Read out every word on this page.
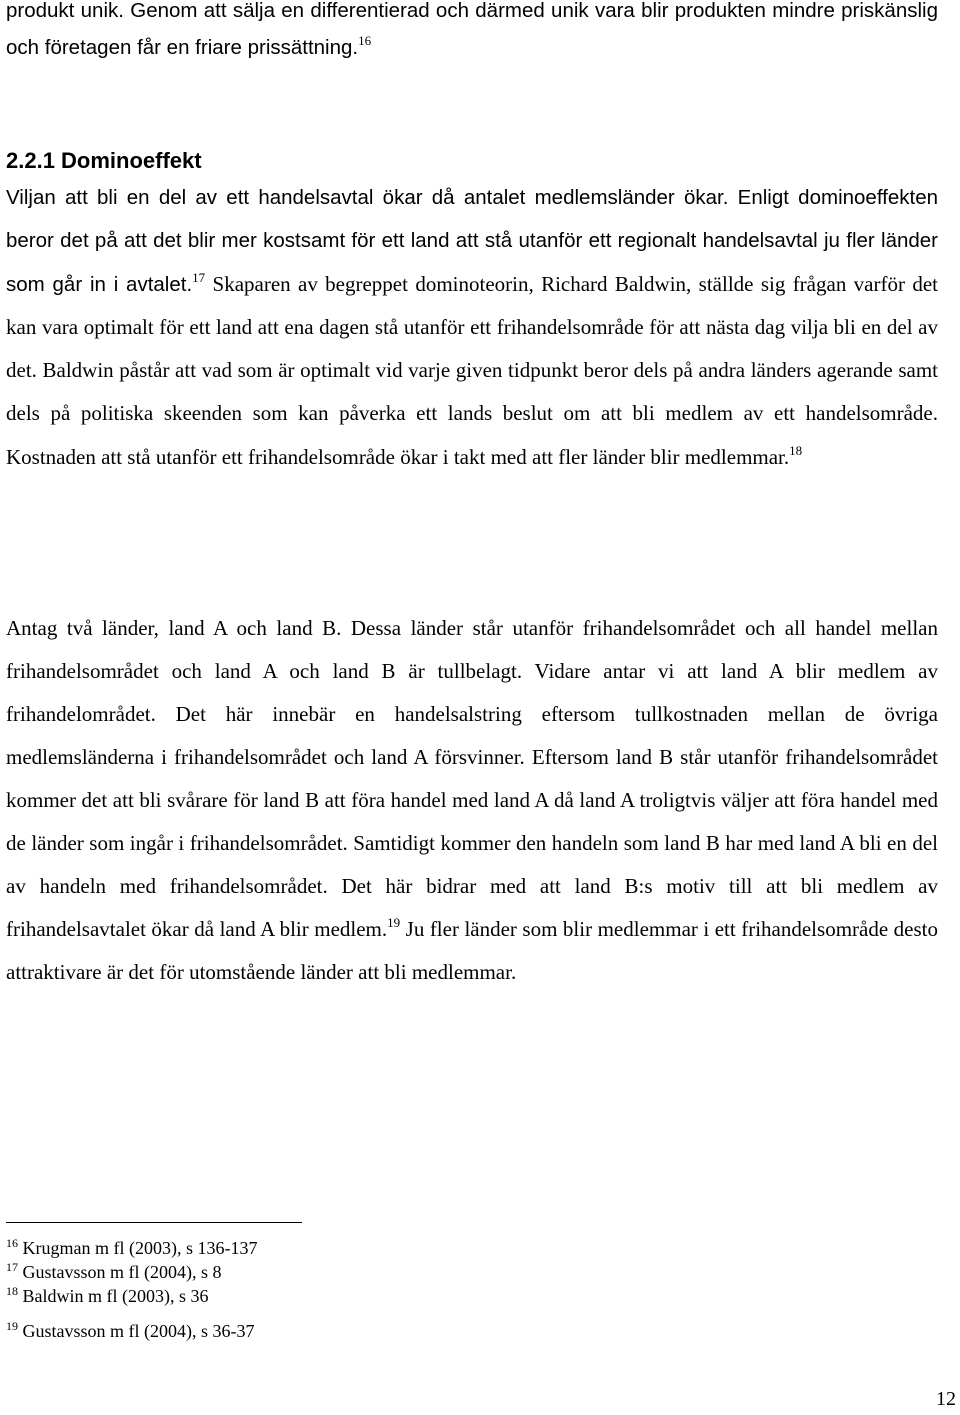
produkt unik. Genom att sälja en differentierad och därmed unik vara blir produkten mindre priskänslig och företagen får en friare prissättning.$^{16}$

2.2.1 Dominoeffekt

Viljan att bli en del av ett handelsavtal ökar då antalet medlemsländer ökar. Enligt dominoeffekten beror det på att det blir mer kostsamt för ett land att stå utanför ett regionalt handelsavtal ju fler länder som går in i avtalet.$^{17}$ Skaparen av begreppet dominoteorin, Richard Baldwin, ställde sig frågan varför det kan vara optimalt för ett land att ena dagen stå utanför ett frihandelsområde för att nästa dag vilja bli en del av det. Baldwin påstår att vad som är optimalt vid varje given tidpunkt beror dels på andra länders agerande samt dels på politiska skeenden som kan påverka ett lands beslut om att bli medlem av ett handelsområde. Kostnaden att stå utanför ett frihandelsområde ökar i takt med att fler länder blir medlemmar.$^{18}$

Antag två länder, land A och land B. Dessa länder står utanför frihandelsområdet och all handel mellan frihandelsområdet och land A och land B är tullbelagt. Vidare antar vi att land A blir medlem av frihandelområdet. Det här innebär en handelsalstring eftersom tullkostnaden mellan de övriga medlemsländerna i frihandelsområdet och land A försvinner. Eftersom land B står utanför frihandelsområdet kommer det att bli svårare för land B att föra handel med land A då land A troligtvis väljer att föra handel med de länder som ingår i frihandelsområdet. Samtidigt kommer den handeln som land B har med land A bli en del av handeln med frihandelsområdet. Det här bidrar med att land B:s motiv till att bli medlem av frihandelsavtalet ökar då land A blir medlem.$^{19}$ Ju fler länder som blir medlemmar i ett frihandelsområde desto attraktivare är det för utomstående länder att bli medlemmar.

$^{16}$ Krugman m fl (2003), s 136-137
$^{17}$ Gustavsson m fl (2004), s 8
$^{18}$ Baldwin m fl (2003), s 36
$^{19}$ Gustavsson m fl (2004), s 36-37
12
